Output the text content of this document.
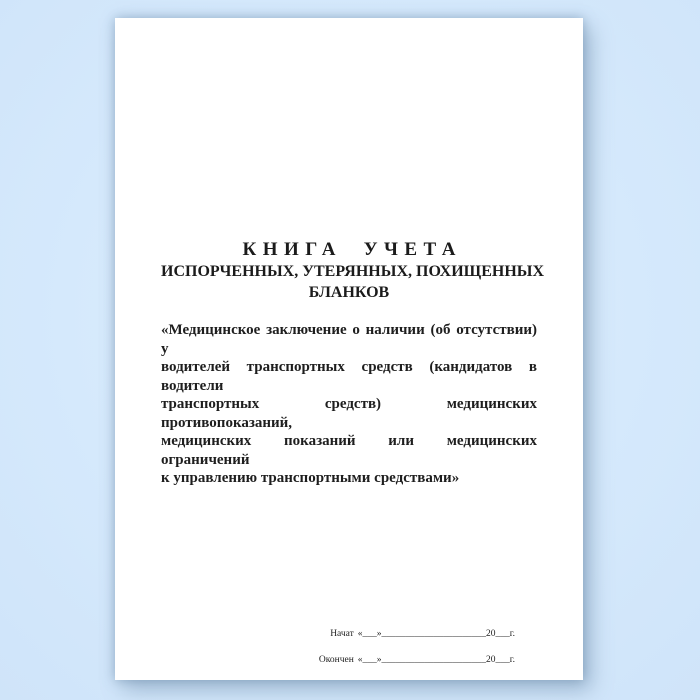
КНИГА УЧЕТА
ИСПОРЧЕННЫХ, УТЕРЯННЫХ, ПОХИЩЕННЫХ
БЛАНКОВ
«Медицинское заключение о наличии (об отсутствии) у
водителей транспортных средств (кандидатов в водители
транспортных средств) медицинских противопоказаний,
медицинских показаний или медицинских ограничений
к управлению транспортными средствами»
Начат «___»______________________20___г.
Окончен «___»______________________20___г.
